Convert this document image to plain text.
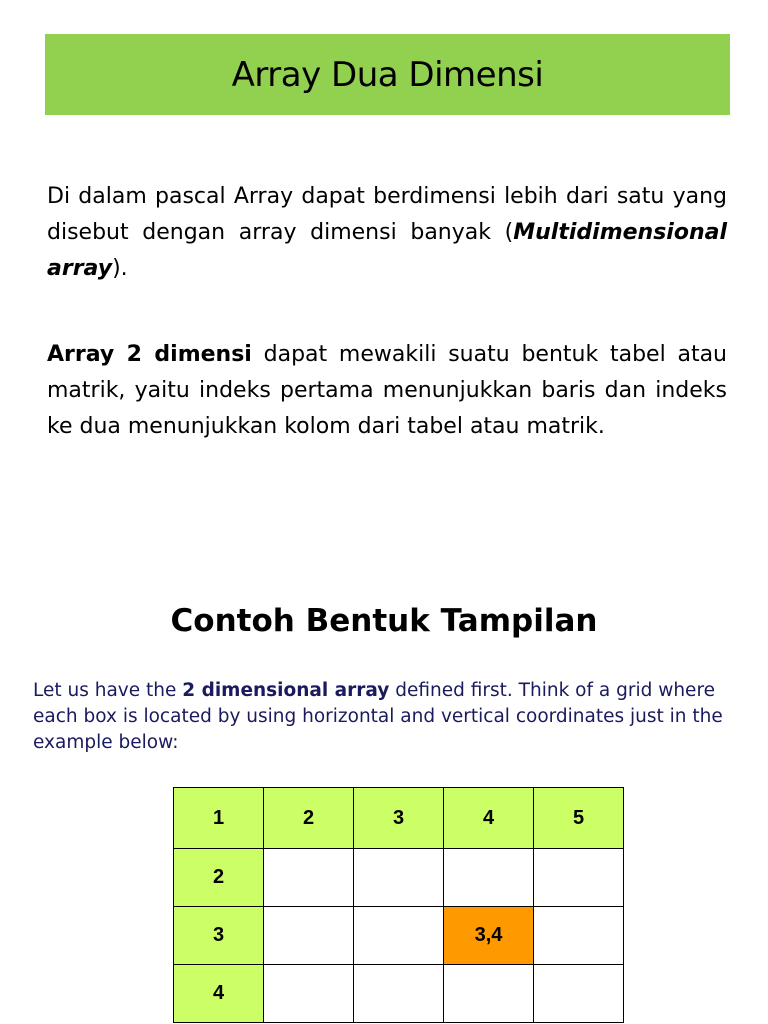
Array Dua Dimensi

Di dalam pascal Array dapat berdimensi lebih dari satu yang disebut dengan array dimensi banyak (Multidimensional array).

Array 2 dimensi dapat mewakili suatu bentuk tabel atau matrik, yaitu indeks pertama menunjukkan baris dan indeks ke dua menunjukkan kolom dari tabel atau matrik.

Contoh Bentuk Tampilan

Let us have the 2 dimensional array defined first. Think of a grid where each box is located by using horizontal and vertical coordinates just in the example below:

1	2	3	4	5
2				
3			3,4	
4				
